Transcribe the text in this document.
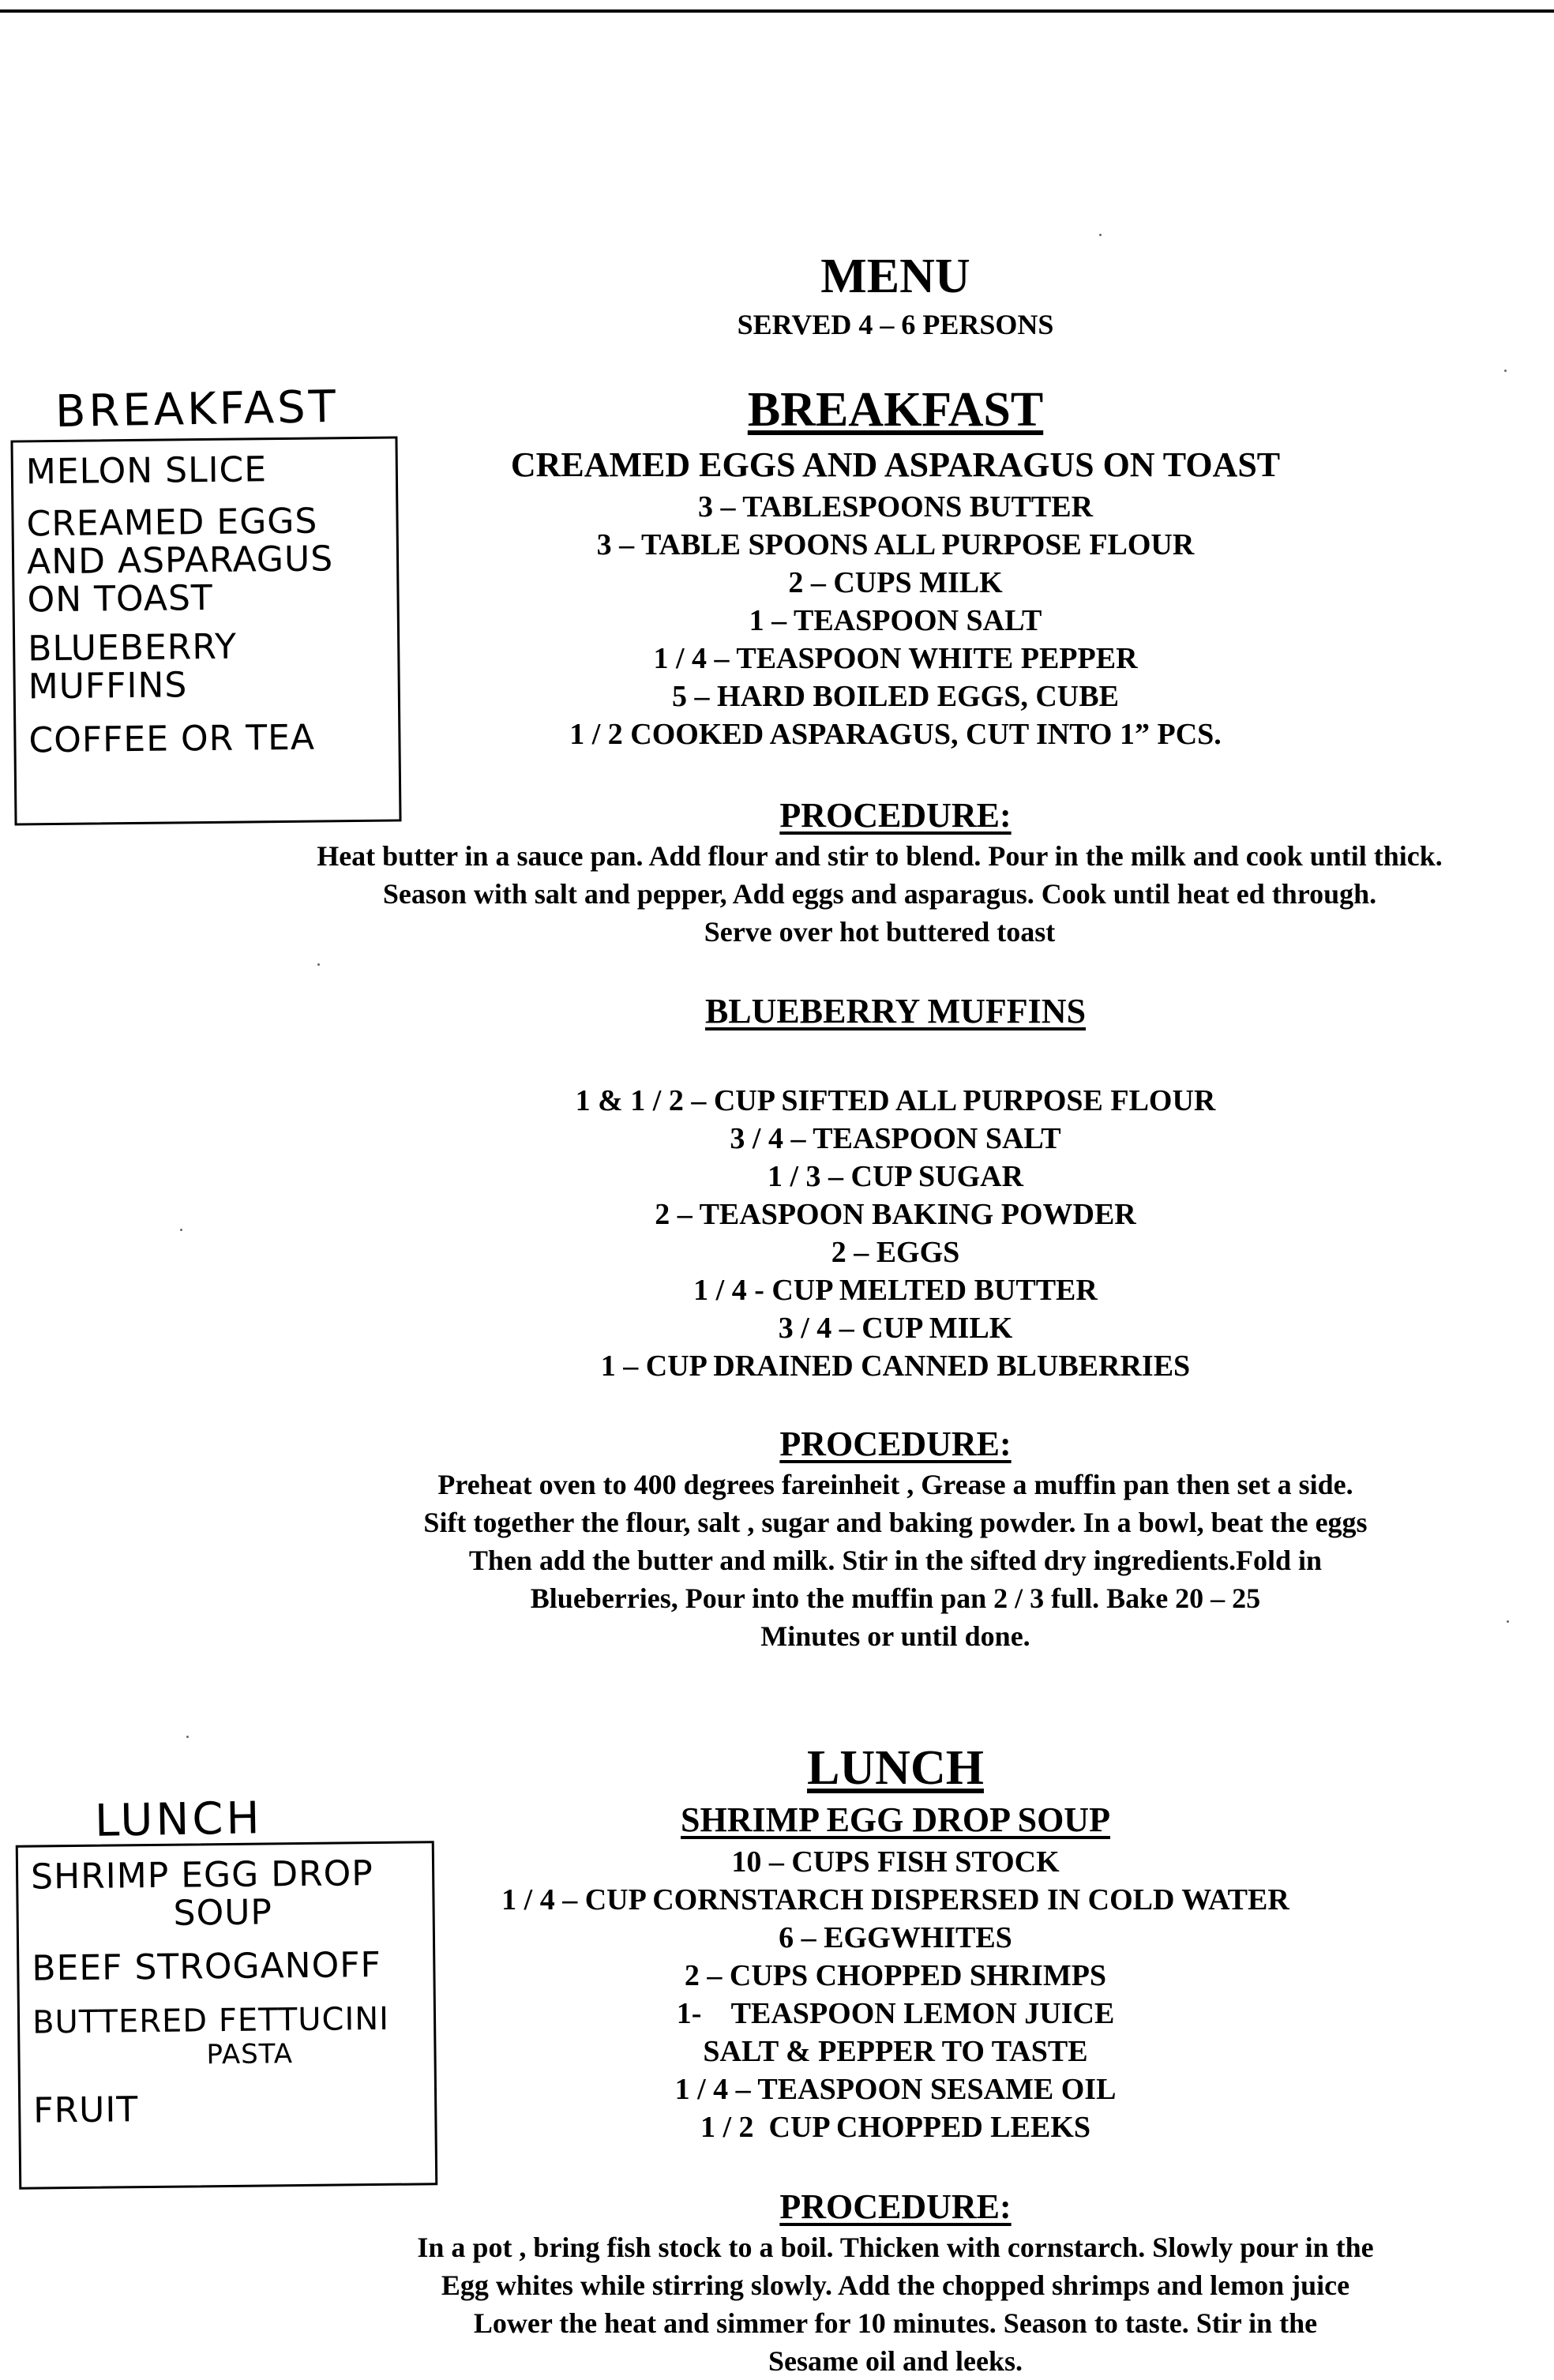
MENU
SERVED 4 – 6 PERSONS
BREAKFAST
MELON SLICE
CREAMED EGGS
AND ASPARAGUS
ON TOAST
BLUEBERRY
MUFFINS
COFFEE OR TEA
BREAKFAST
CREAMED EGGS AND ASPARAGUS ON TOAST
3 – TABLESPOONS BUTTER
3 – TABLE SPOONS ALL PURPOSE FLOUR
2 – CUPS MILK
1 – TEASPOON SALT
1 / 4 – TEASPOON WHITE PEPPER
5 – HARD BOILED EGGS, CUBE
1 / 2 COOKED ASPARAGUS, CUT INTO 1” PCS.
PROCEDURE:
Heat butter in a sauce pan. Add flour and stir to blend. Pour in the milk and cook until thick.
Season with salt and pepper, Add eggs and asparagus. Cook until heat ed through.
Serve over hot buttered toast
BLUEBERRY MUFFINS
1 & 1 / 2 – CUP SIFTED ALL PURPOSE FLOUR
3 / 4 – TEASPOON SALT
1 / 3 – CUP SUGAR
2 – TEASPOON BAKING POWDER
2 – EGGS
1 / 4 - CUP MELTED BUTTER
3 / 4 – CUP MILK
1 – CUP DRAINED CANNED BLUBERRIES
PROCEDURE:
Preheat oven to 400 degrees fareinheit , Grease a muffin pan then set a side.
Sift together the flour, salt , sugar and baking powder. In a bowl, beat the eggs
Then add the butter and milk. Stir in the sifted dry ingredients.Fold in
Blueberries, Pour into the muffin pan 2 / 3 full. Bake 20 – 25
Minutes or until done.
LUNCH
SHRIMP EGG DROP
SOUP
BEEF STROGANOFF
BUTTERED FETTUCINI
PASTA
FRUIT
LUNCH
SHRIMP EGG DROP SOUP
10 – CUPS FISH STOCK
1 / 4 – CUP CORNSTARCH DISPERSED IN COLD WATER
6 – EGGWHITES
2 – CUPS CHOPPED SHRIMPS
1-    TEASPOON LEMON JUICE
SALT & PEPPER TO TASTE
1 / 4 – TEASPOON SESAME OIL
1 / 2  CUP CHOPPED LEEKS
PROCEDURE:
In a pot , bring fish stock to a boil. Thicken with cornstarch. Slowly pour in the
Egg whites while stirring slowly. Add the chopped shrimps and lemon juice
Lower the heat and simmer for 10 minutes. Season to taste. Stir in the
Sesame oil and leeks.
